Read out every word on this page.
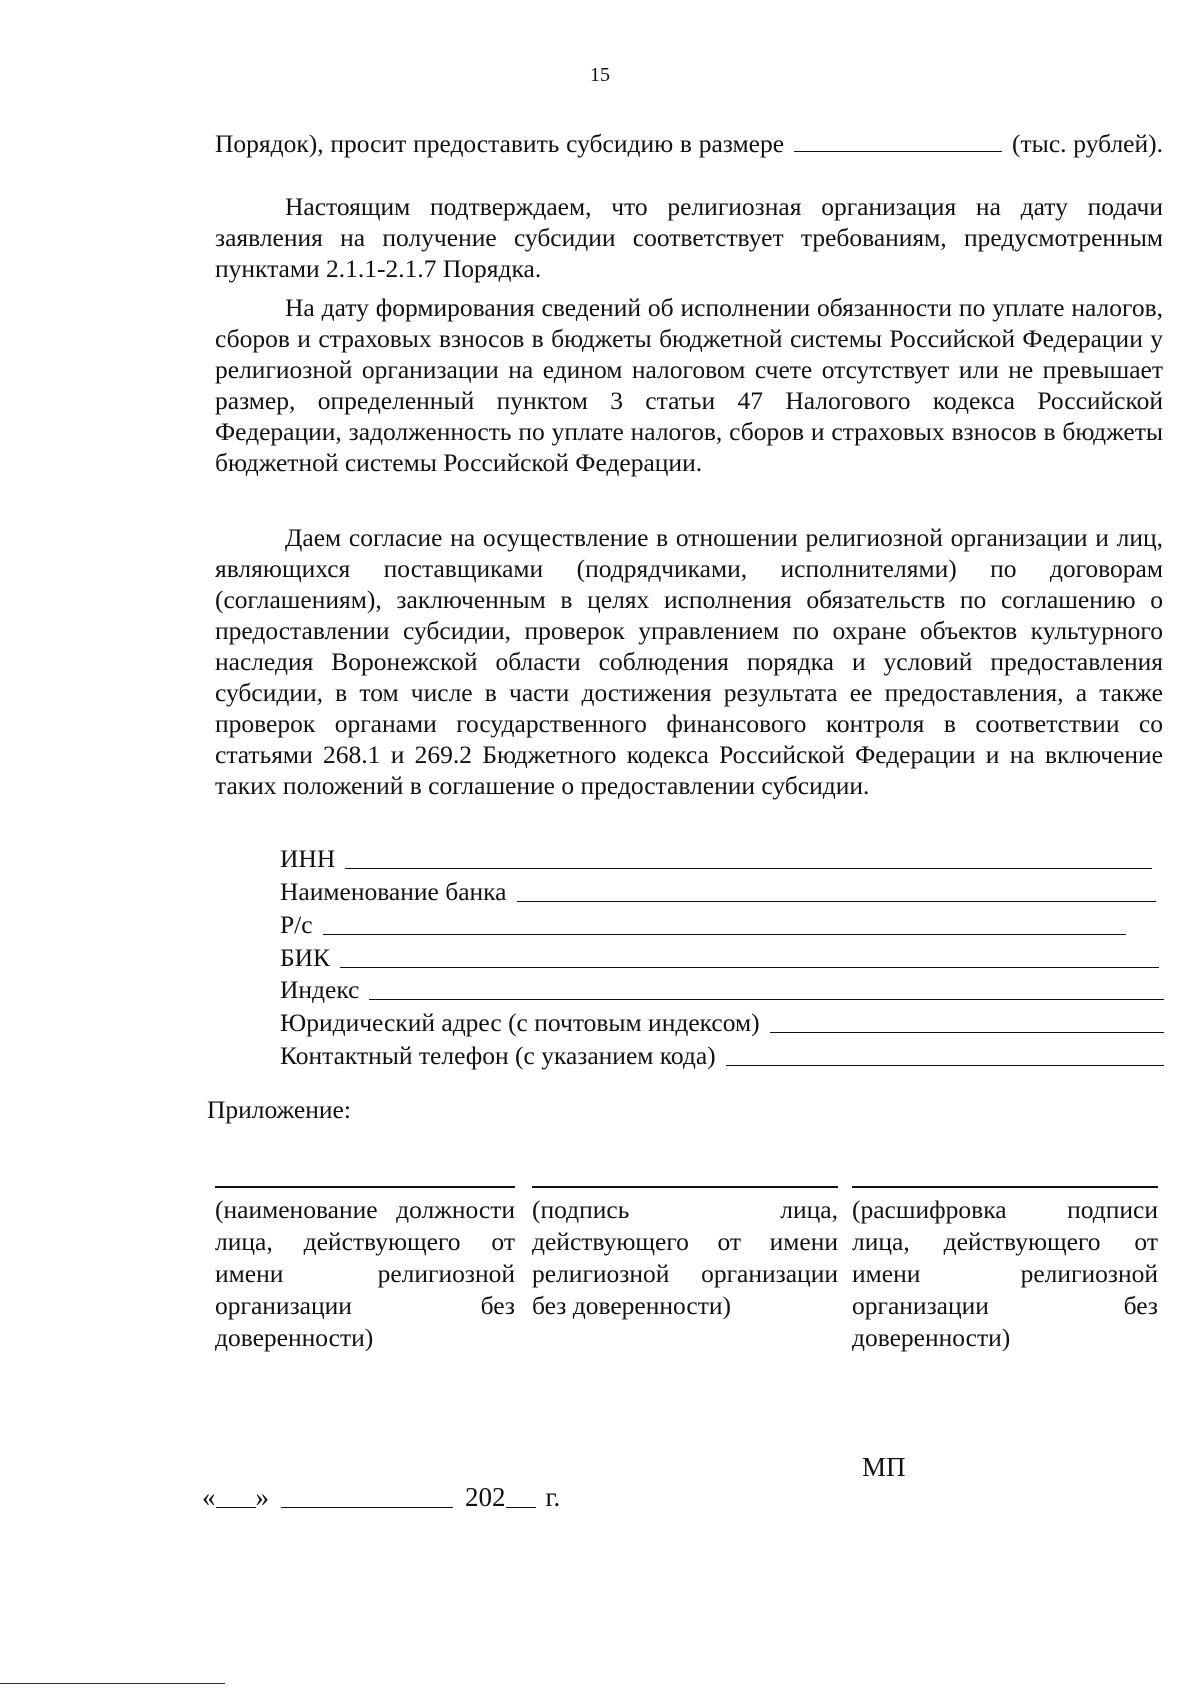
15

Порядок), просит предоставить субсидию в размере	(тыс. рублей).

Настоящим подтверждаем, что религиозная организация на дату подачи заявления на получение субсидии соответствует требованиям, предусмотренным пунктами 2.1.1-2.1.7 Порядка.

На дату формирования сведений об исполнении обязанности по уплате налогов, сборов и страховых взносов в бюджеты бюджетной системы Российской Федерации у религиозной организации на едином налоговом счете отсутствует или не превышает размер, определенный пунктом 3 статьи 47 Налогового кодекса Российской Федерации, задолженность по уплате налогов, сборов и страховых взносов в бюджеты бюджетной системы Российской Федерации.

Даем согласие на осуществление в отношении религиозной организации и лиц, являющихся поставщиками (подрядчиками, исполнителями) по договорам (соглашениям), заключенным в целях исполнения обязательств по соглашению о предоставлении субсидии, проверок управлением по охране объектов культурного наследия Воронежской области соблюдения порядка и условий предоставления субсидии, в том числе в части достижения результата ее предоставления, а также проверок органами государственного финансового контроля в соответствии со статьями 268.1 и 269.2 Бюджетного кодекса Российской Федерации и на включение таких положений в соглашение о предоставлении субсидии.

ИНН
Наименование банка
Р/с
БИК
Индекс
Юридический адрес (с почтовым индексом)
Контактный телефон (с указанием кода)
Приложение:

(наименование должности лица, действующего от имени религиозной организации без доверенности)

(подпись лица, действующего от имени религиозной организации без доверенности)

(расшифровка подписи лица, действующего от имени религиозной организации без доверенности)

МП
« »	202 г.
